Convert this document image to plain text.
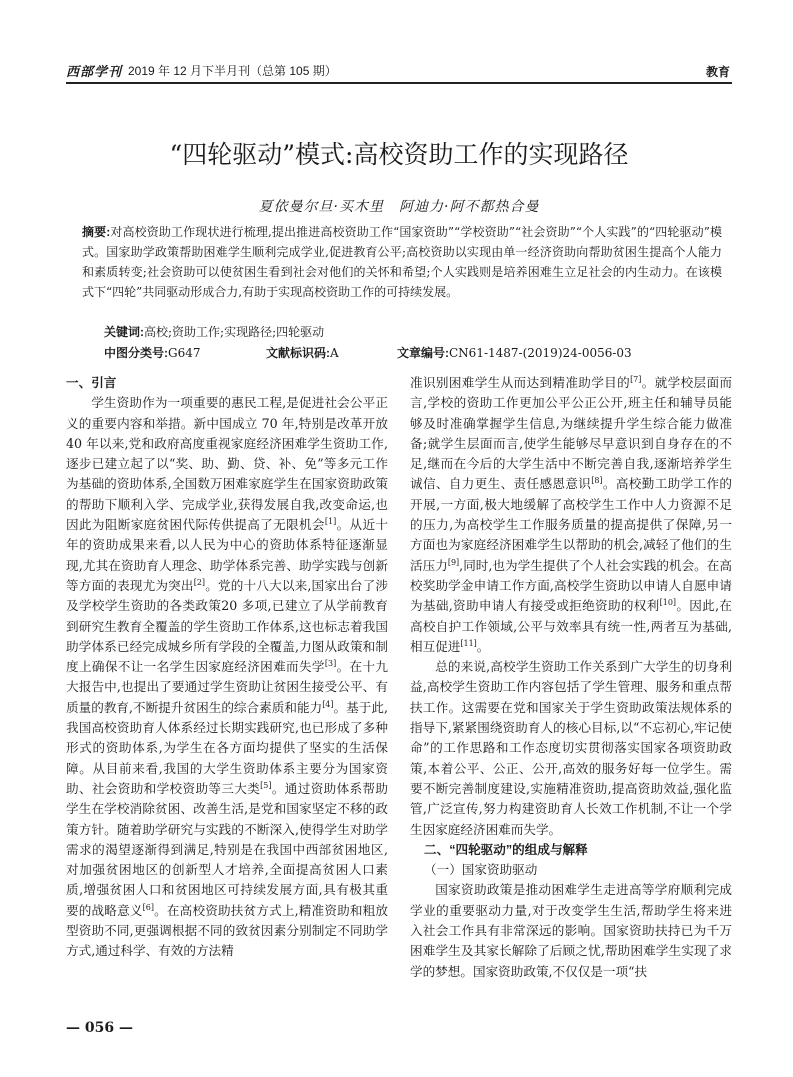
西部学刊 2019 年 12 月下半月刊（总第 105 期）	教育
“四轮驱动”模式:高校资助工作的实现路径
夏依曼尔旦·买木里　阿迪力·阿不都热合曼
摘要:对高校资助工作现状进行梳理,提出推进高校资助工作“国家资助”“学校资助”“社会资助”“个人实践”的“四轮驱动”模式。国家助学政策帮助困难学生顺利完成学业,促进教育公平;高校资助以实现由单一经济资助向帮助贫困生提高个人能力和素质转变;社会资助可以使贫困生看到社会对他们的关怀和希望;个人实践则是培养困难生立足社会的内生动力。在该模式下“四轮”共同驱动形成合力,有助于实现高校资助工作的可持续发展。
关键词:高校;资助工作;实现路径;四轮驱动
中图分类号:G647	文献标识码:A	文章编号:CN61-1487-(2019)24-0056-03
一、引言

学生资助作为一项重要的惠民工程,是促进社会公平正义的重要内容和举措。新中国成立 70 年,特别是改革开放 40 年以来,党和政府高度重视家庭经济困难学生资助工作,逐步已建立起了以“奖、助、勤、贷、补、免”等多元工作为基础的资助体系,全国数万困难家庭学生在国家资助政策的帮助下顺利入学、完成学业,获得发展自我,改变命运,也因此为阻断家庭贫困代际传供提高了无限机会[1]。从近十年的资助成果来看,以人民为中心的资助体系特征逐渐显现,尤其在资助育人理念、助学体系完善、助学实践与创新等方面的表现尤为突出[2]。党的十八大以来,国家出台了涉及学校学生资助的各类政策20 多项,已建立了从学前教育到研究生教育全覆盖的学生资助工作体系,这也标志着我国助学体系已经完成城乡所有学段的全覆盖,力图从政策和制度上确保不让一名学生因家庭经济困难而失学[3]。在十九大报告中,也提出了要通过学生资助让贫困生接受公平、有质量的教育,不断提升贫困生的综合素质和能力[4]。基于此,我国高校资助育人体系经过长期实践研究,也已形成了多种形式的资助体系,为学生在各方面均提供了坚实的生活保障。从目前来看,我国的大学生资助体系主要分为国家资助、社会资助和学校资助等三大类[5]。通过资助体系帮助学生在学校消除贫困、改善生活,是党和国家坚定不移的政策方针。随着助学研究与实践的不断深入,使得学生对助学需求的渴望逐渐得到满足,特别是在我国中西部贫困地区,对加强贫困地区的创新型人才培养,全面提高贫困人口素质,增强贫困人口和贫困地区可持续发展方面,具有极其重要的战略意义[6]。在高校资助扶贫方式上,精准资助和粗放型资助不同,更强调根据不同的致贫因素分别制定不同助学方式,通过科学、有效的方法精

准识别困难学生从而达到精准助学目的[7]。就学校层面而言,学校的资助工作更加公平公正公开,班主任和辅导员能够及时准确掌握学生信息,为继续提升学生综合能力做准备;就学生层面而言,使学生能够尽早意识到自身存在的不足,继而在今后的大学生活中不断完善自我,逐渐培养学生诚信、自力更生、责任感恩意识[8]。高校勤工助学工作的开展,一方面,极大地缓解了高校学生工作中人力资源不足的压力,为高校学生工作服务质量的提高提供了保障,另一方面也为家庭经济困难学生以帮助的机会,减轻了他们的生活压力[9],同时,也为学生提供了个人社会实践的机会。在高校奖助学金申请工作方面,高校学生资助以申请人自愿申请为基础,资助申请人有接受或拒绝资助的权利[10]。因此,在高校自护工作领域,公平与效率具有统一性,两者互为基础,相互促进[11]。

总的来说,高校学生资助工作关系到广大学生的切身利益,高校学生资助工作内容包括了学生管理、服务和重点帮扶工作。这需要在党和国家关于学生资助政策法规体系的指导下,紧紧围绕资助育人的核心目标,以“不忘初心,牢记使命”的工作思路和工作态度切实贯彻落实国家各项资助政策,本着公平、公正、公开,高效的服务好每一位学生。需要不断完善制度建设,实施精准资助,提高资助效益,强化监管,广泛宣传,努力构建资助育人长效工作机制,不让一个学生因家庭经济困难而失学。

二、“四轮驱动”的组成与解释
（一）国家资助驱动

国家资助政策是推动困难学生走进高等学府顺利完成学业的重要驱动力量,对于改变学生生活,帮助学生将来进入社会工作具有非常深远的影响。国家资助扶持已为千万困难学生及其家长解除了后顾之忧,帮助困难学生实现了求学的梦想。国家资助政策,不仅仅是一项“扶

— 056 —
